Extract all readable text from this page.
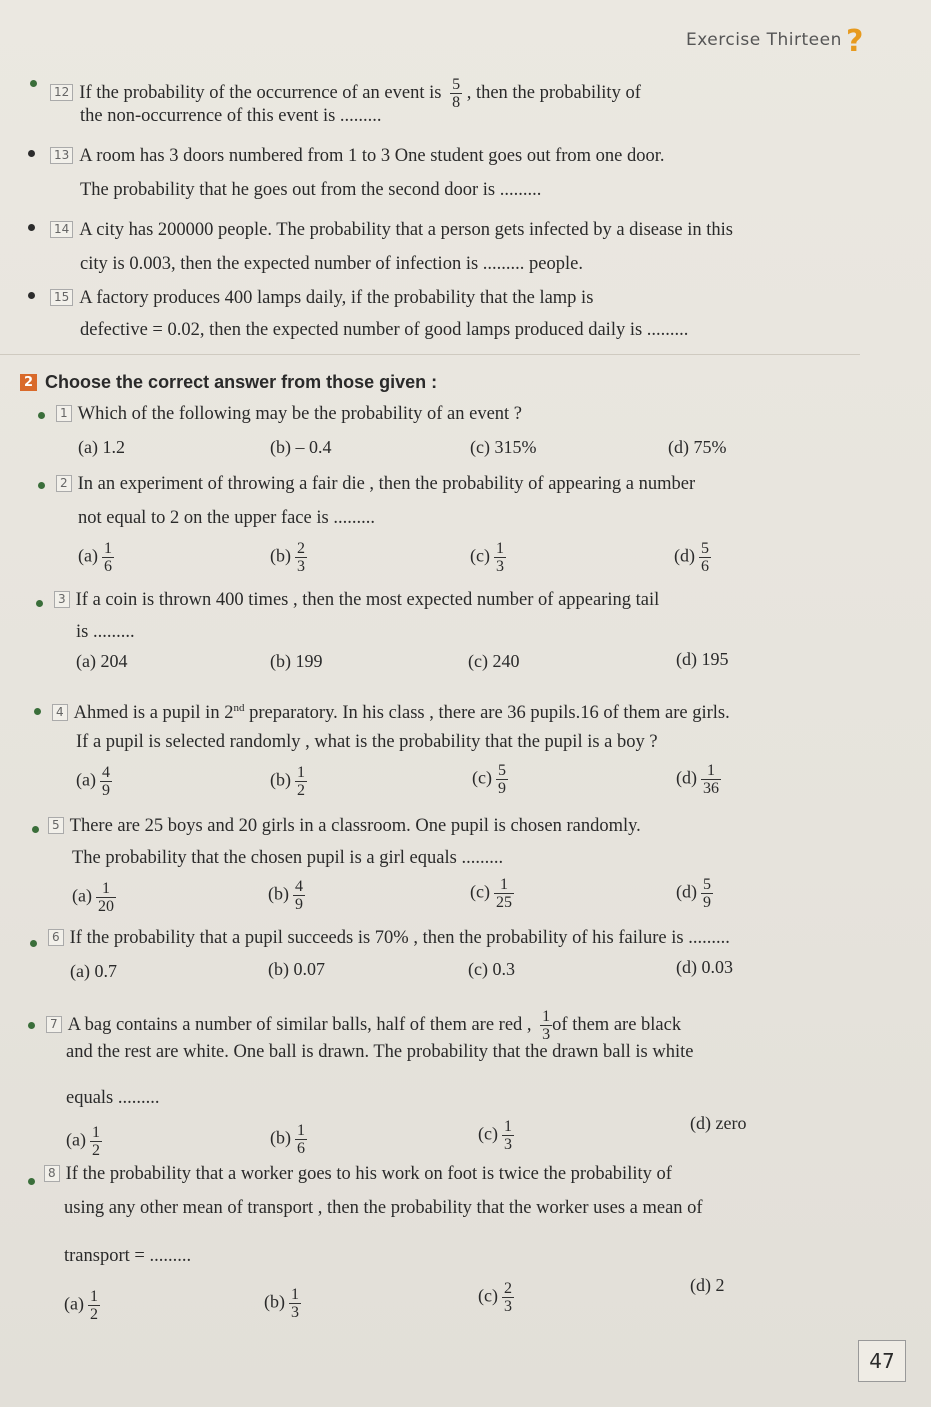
Exercise Thirteen ?
12 If the probability of the occurrence of an event is $\frac{5}{8}$ , then the probability of
the non-occurrence of this event is .........
13 A room has 3 doors numbered from 1 to 3 One student goes out from one door.
The probability that he goes out from the second door is .........
14 A city has 200000 people. The probability that a person gets infected by a disease in this
city is 0.003, then the expected number of infection is ......... people.
15 A factory produces 400 lamps daily, if the probability that the lamp is
defective = 0.02, then the expected number of good lamps produced daily is .........
2 Choose the correct answer from those given :
1 Which of the following may be the probability of an event ?
(a) 1.2	(b) – 0.4	(c) 315%	(d) 75%
2 In an experiment of throwing a fair die , then the probability of appearing a number
not equal to 2 on the upper face is .........
$(a) \frac{1}{6}$	$(b) \frac{2}{3}$	$(c) \frac{1}{3}$	$(d) \frac{5}{6}$
3 If a coin is thrown 400 times , then the most expected number of appearing tail
is .........
(a) 204	(b) 199	(c) 240	(d) 195
4 Ahmed is a pupil in 2nd preparatory. In his class , there are 36 pupils.16 of them are girls.
If a pupil is selected randomly , what is the probability that the pupil is a boy ?
$(a) \frac{4}{9}$	$(b) \frac{1}{2}$	$(c) \frac{5}{9}$	$(d) \frac{1}{36}$
5 There are 25 boys and 20 girls in a classroom. One pupil is chosen randomly.
The probability that the chosen pupil is a girl equals .........
$(a) \frac{1}{20}$	$(b) \frac{4}{9}$	$(c) \frac{1}{25}$	$(d) \frac{5}{9}$
6 If the probability that a pupil succeeds is 70% , then the probability of his failure is .........
(a) 0.7	(b) 0.07	(c) 0.3	(d) 0.03
7 A bag contains a number of similar balls, half of them are red , $\frac{1}{3}$ of them are black
and the rest are white. One ball is drawn. The probability that the drawn ball is white
equals .........
$(a) \frac{1}{2}$	$(b) \frac{1}{6}$	$(c) \frac{1}{3}$	(d) zero
8 If the probability that a worker goes to his work on foot is twice the probability of
using any other mean of transport , then the probability that the worker uses a mean of
transport = .........
$(a) \frac{1}{2}$	$(b) \frac{1}{3}$	$(c) \frac{2}{3}$	(d) 2
47
